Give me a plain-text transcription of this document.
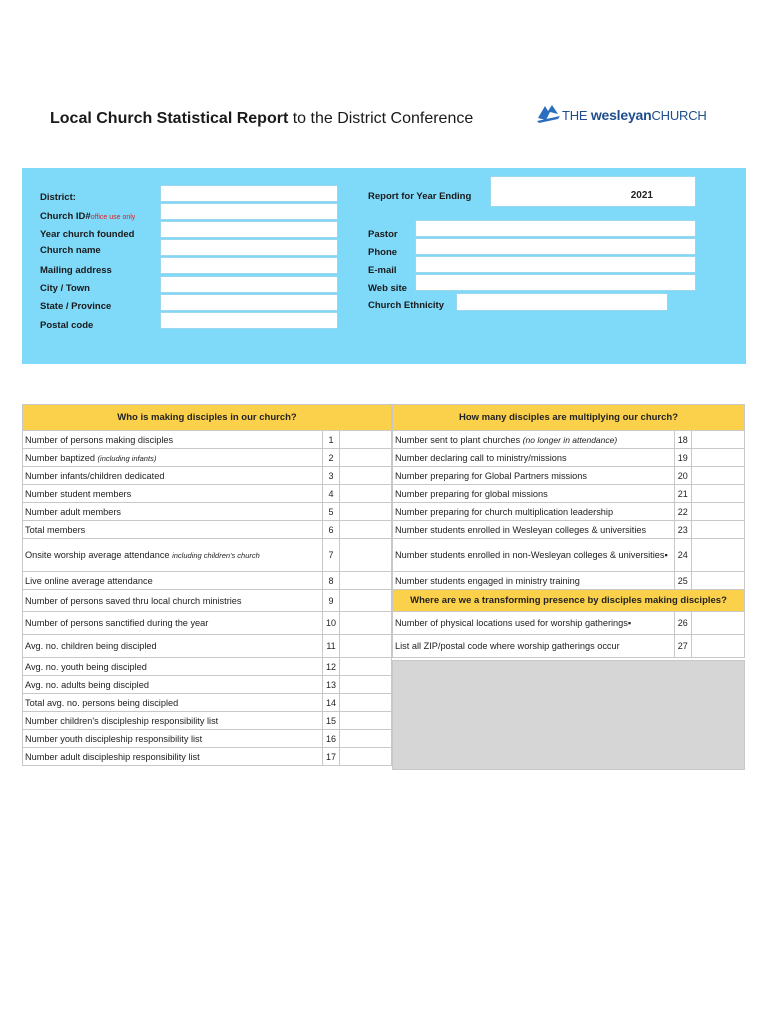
Local Church Statistical Report to the District Conference	THE wesleyanCHURCH
District:
Church ID#office use only
Year church founded
Church name
Mailing address
City / Town
State / Province
Postal code
Report for Year Ending	2021
Pastor
Phone
E-mail
Web site
Church Ethnicity
Who is making disciples in our church?		
Number of persons making disciples	1	
Number baptized (including infants)	2	
Number infants/children dedicated	3	
Number student members	4	
Number adult members	5	
Total members	6	
Onsite worship average attendance including children's church	7	
Live online average attendance	8	
Number of persons saved thru local church ministries	9	
Number of persons sanctified during the year	10	
Avg. no. children being discipled	11	
Avg. no. youth being discipled	12	
Avg. no. adults being discipled	13	
Total avg. no. persons being discipled	14	
Number children's discipleship responsibility list	15	
Number youth discipleship responsibility list	16	
Number adult discipleship responsibility list	17	
How many disciples are multiplying our church?		
Number sent to plant churches (no longer in attendance)	18	
Number declaring call to ministry/missions	19	
Number preparing for Global Partners missions	20	
Number preparing for global missions	21	
Number preparing for church multiplication leadership	22	
Number students enrolled in Wesleyan colleges & universities	23	
Number students enrolled in non-Wesleyan colleges & universities▪	24	
Number students engaged in ministry training	25	
Where are we a transforming presence by disciples making disciples?		
Number of physical locations used for worship gatherings▪	26	
List all ZIP/postal code where worship gatherings occur	27	
